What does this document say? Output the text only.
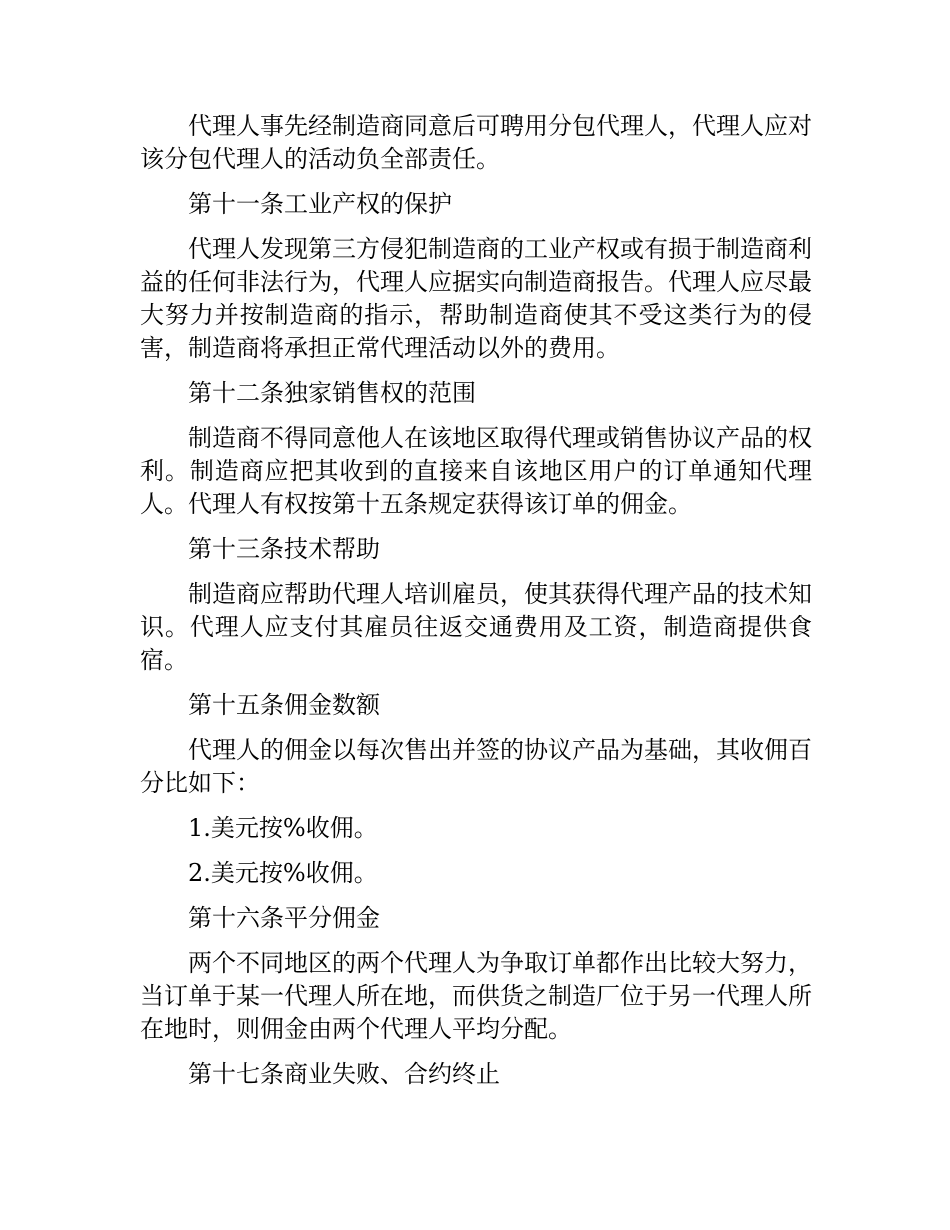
代理人事先经制造商同意后可聘用分包代理人，代理人应对该分包代理人的活动负全部责任。

第十一条工业产权的保护

代理人发现第三方侵犯制造商的工业产权或有损于制造商利益的任何非法行为，代理人应据实向制造商报告。代理人应尽最大努力并按制造商的指示，帮助制造商使其不受这类行为的侵害，制造商将承担正常代理活动以外的费用。

第十二条独家销售权的范围

制造商不得同意他人在该地区取得代理或销售协议产品的权利。制造商应把其收到的直接来自该地区用户的订单通知代理人。代理人有权按第十五条规定获得该订单的佣金。

第十三条技术帮助

制造商应帮助代理人培训雇员，使其获得代理产品的技术知识。代理人应支付其雇员往返交通费用及工资，制造商提供食宿。

第十五条佣金数额

代理人的佣金以每次售出并签的协议产品为基础，其收佣百分比如下：

1.美元按%收佣。

2.美元按%收佣。

第十六条平分佣金

两个不同地区的两个代理人为争取订单都作出比较大努力，当订单于某一代理人所在地，而供货之制造厂位于另一代理人所在地时，则佣金由两个代理人平均分配。

第十七条商业失败、合约终止
